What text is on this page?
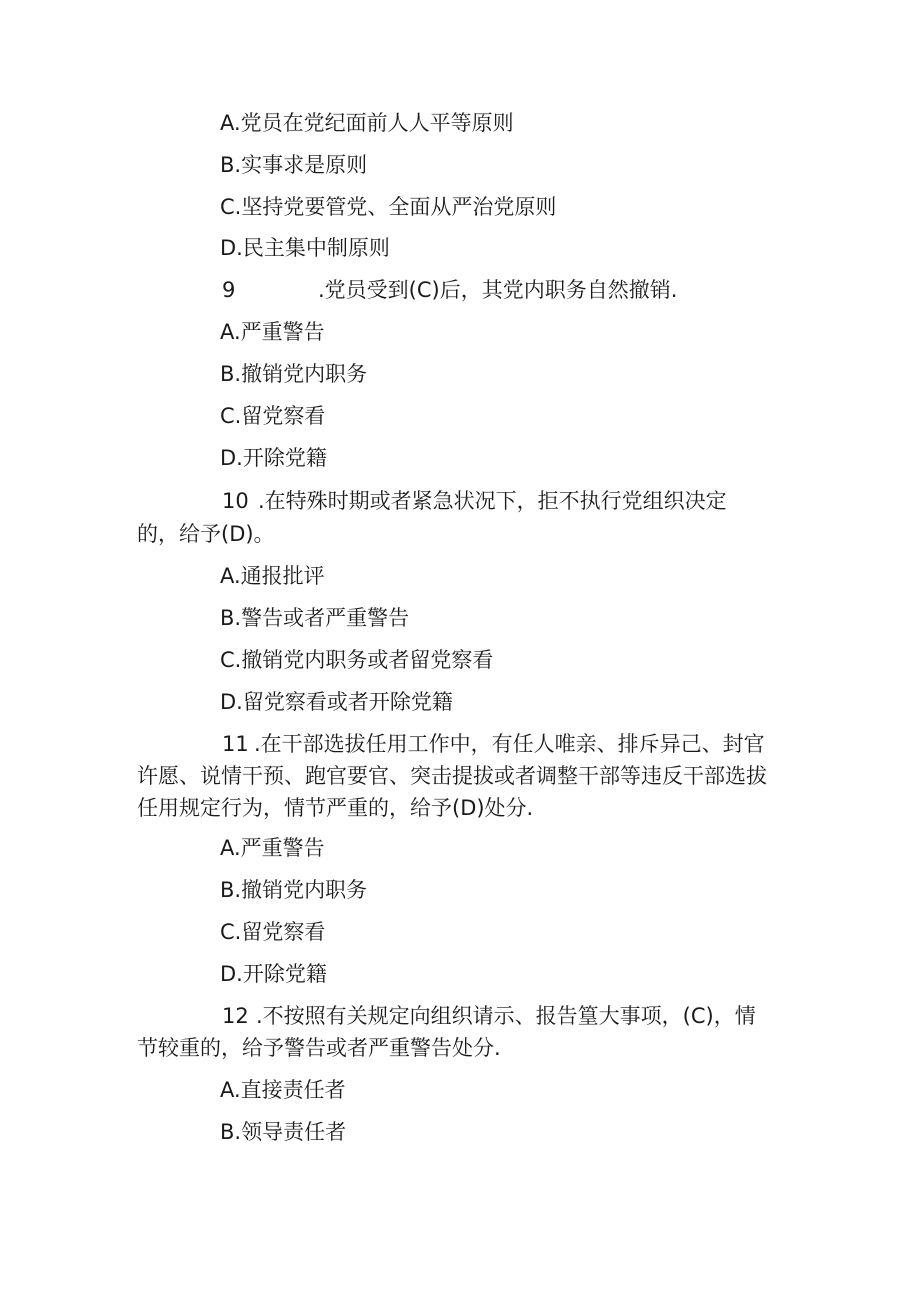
A.党员在党纪面前人人平等原则
B.实事求是原则
C.坚持党要管党、全面从严治党原则
D.民主集中制原则
9	.党员受到(C)后，其党内职务自然撤销.
A.严重警告
B.撤销党内职务
C.留党察看
D.开除党籍
10 .在特殊时期或者紧急状况下，拒不执行党组织决定
的，给予(D)。
A.通报批评
B.警告或者严重警告
C.撤销党内职务或者留党察看
D.留党察看或者开除党籍
11 .在干部选拔任用工作中，有任人唯亲、排斥异己、封官
许愿、说情干预、跑官要官、突击提拔或者调整干部等违反干部选拔
任用规定行为，情节严重的，给予(D)处分.
A.严重警告
B.撤销党内职务
C.留党察看
D.开除党籍
12 .不按照有关规定向组织请示、报告篁大事项，(C)，情
节较重的，给予警告或者严重警告处分.
A.直接责任者
B.领导责任者
